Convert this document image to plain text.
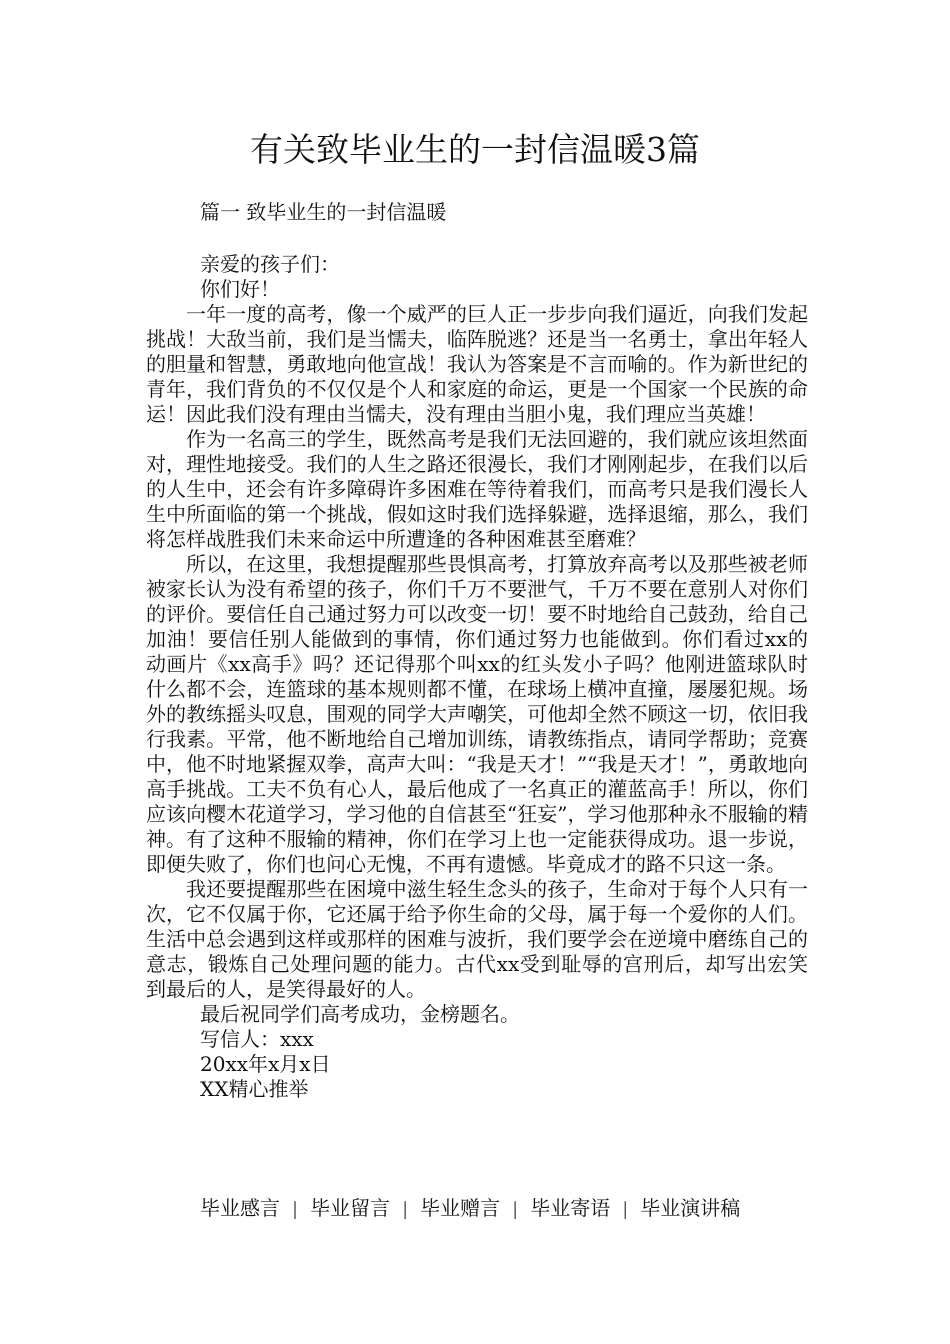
有关致毕业生的一封信温暖3篇
篇一 致毕业生的一封信温暖

亲爱的孩子们：

你们好！

一年一度的高考，像一个威严的巨人正一步步向我们逼近，向我们发起挑战！大敌当前，我们是当懦夫，临阵脱逃？还是当一名勇士，拿出年轻人的胆量和智慧，勇敢地向他宣战！我认为答案是不言而喻的。作为新世纪的青年，我们背负的不仅仅是个人和家庭的命运，更是一个国家一个民族的命运！因此我们没有理由当懦夫，没有理由当胆小鬼，我们理应当英雄！

作为一名高三的学生，既然高考是我们无法回避的，我们就应该坦然面对，理性地接受。我们的人生之路还很漫长，我们才刚刚起步，在我们以后的人生中，还会有许多障碍许多困难在等待着我们，而高考只是我们漫长人生中所面临的第一个挑战，假如这时我们选择躲避，选择退缩，那么，我们将怎样战胜我们未来命运中所遭逢的各种困难甚至磨难？

所以，在这里，我想提醒那些畏惧高考，打算放弃高考以及那些被老师被家长认为没有希望的孩子，你们千万不要泄气，千万不要在意别人对你们的评价。要信任自己通过努力可以改变一切！要不时地给自己鼓劲，给自己加油！要信任别人能做到的事情，你们通过努力也能做到。你们看过xx的动画片《xx高手》吗？还记得那个叫xx的红头发小子吗？他刚进篮球队时什么都不会，连篮球的基本规则都不懂，在球场上横冲直撞，屡屡犯规。场外的教练摇头叹息，围观的同学大声嘲笑，可他却全然不顾这一切，依旧我行我素。平常，他不断地给自己增加训练，请教练指点，请同学帮助；竞赛中，他不时地紧握双拳，高声大叫：“我是天才！”“我是天才！”，勇敢地向高手挑战。工夫不负有心人，最后他成了一名真正的灌蓝高手！所以，你们应该向樱木花道学习，学习他的自信甚至“狂妄”，学习他那种永不服输的精神。有了这种不服输的精神，你们在学习上也一定能获得成功。退一步说，即便失败了，你们也问心无愧，不再有遗憾。毕竟成才的路不只这一条。

我还要提醒那些在困境中滋生轻生念头的孩子，生命对于每个人只有一次，它不仅属于你，它还属于给予你生命的父母，属于每一个爱你的人们。生活中总会遇到这样或那样的困难与波折，我们要学会在逆境中磨练自己的意志，锻炼自己处理问题的能力。古代xx受到耻辱的宫刑后，却写出宏笑到最后的人，是笑得最好的人。

最后祝同学们高考成功，金榜题名。

写信人：xxx

20xx年x月x日

XX精心推举

毕业感言 | 毕业留言 | 毕业赠言 | 毕业寄语 | 毕业演讲稿
